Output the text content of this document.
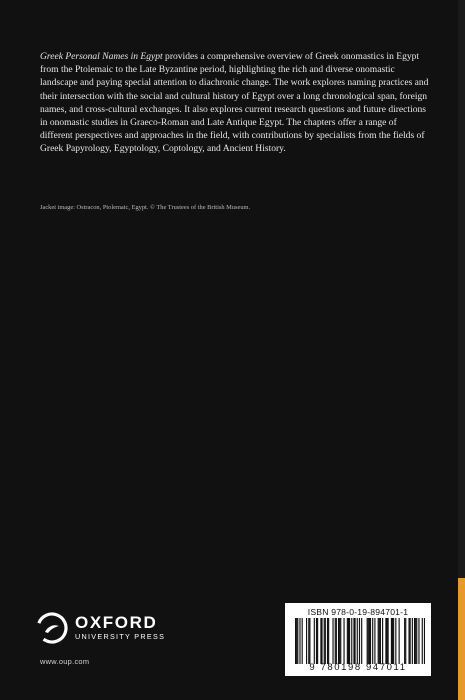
Greek Personal Names in Egypt provides a comprehensive overview of Greek onomastics in Egypt from the Ptolemaic to the Late Byzantine period, highlighting the rich and diverse onomastic landscape and paying special attention to diachronic change. The work explores naming practices and their intersection with the social and cultural history of Egypt over a long chronological span, foreign names, and cross-cultural exchanges. It also explores current research questions and future directions in onomastic studies in Graeco-Roman and Late Antique Egypt. The chapters offer a range of different perspectives and approaches in the field, with contributions by specialists from the fields of Greek Papyrology, Egyptology, Coptology, and Ancient History.

Jacket image: Ostracon, Ptolemaic, Egypt. © The Trustees of the British Museum.

OXFORD
UNIVERSITY PRESS
www.oup.com
ISBN 978-0-19-894701-1
9 780198 947011
